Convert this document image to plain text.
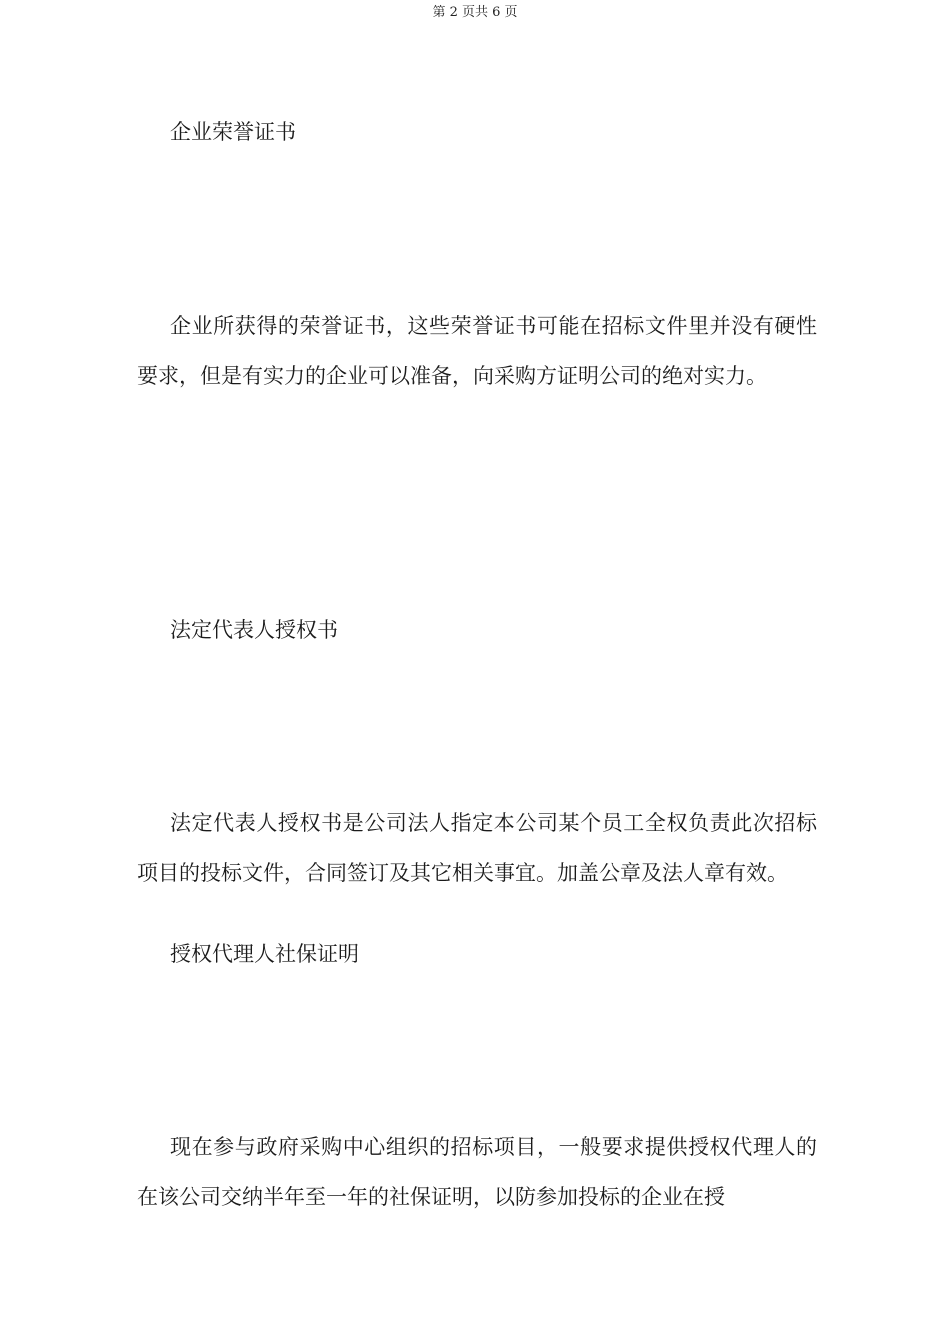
第 2 页共 6 页
企业荣誉证书
企业所获得的荣誉证书，这些荣誉证书可能在招标文件里并没有硬性要求，但是有实力的企业可以准备，向采购方证明公司的绝对实力。
法定代表人授权书
法定代表人授权书是公司法人指定本公司某个员工全权负责此次招标项目的投标文件，合同签订及其它相关事宜。加盖公章及法人章有效。
授权代理人社保证明
现在参与政府采购中心组织的招标项目，一般要求提供授权代理人的在该公司交纳半年至一年的社保证明，以防参加投标的企业在授
